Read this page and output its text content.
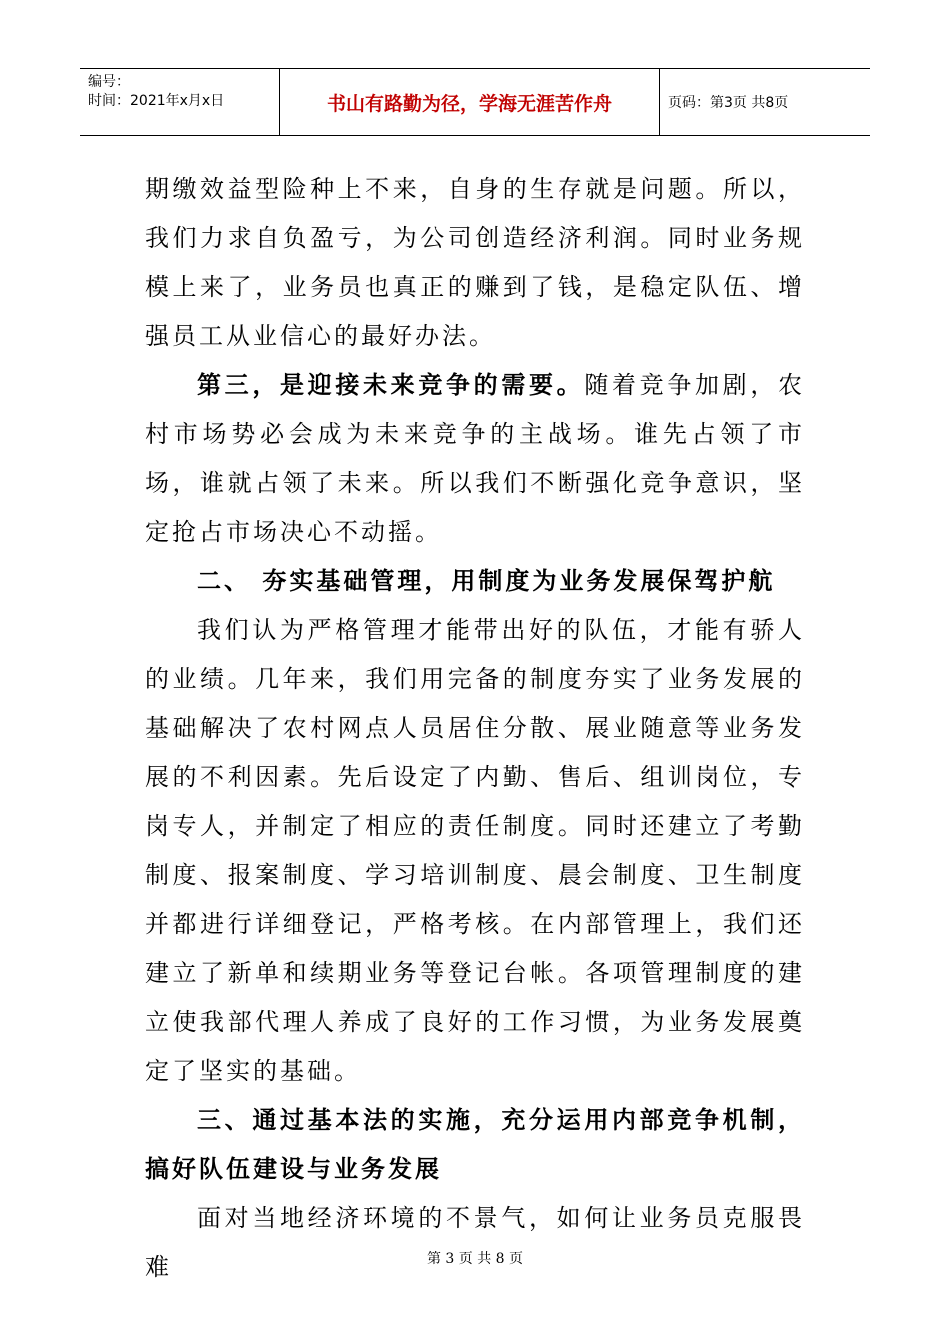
编号：
时间：2021年x月x日	书山有路勤为径，学海无涯苦作舟	页码：第3页 共8页

期缴效益型险种上不来，自身的生存就是问题。所以，我们力求自负盈亏，为公司创造经济利润。同时业务规模上来了，业务员也真正的赚到了钱，是稳定队伍、增强员工从业信心的最好办法。

第三，是迎接未来竞争的需要。随着竞争加剧，农村市场势必会成为未来竞争的主战场。谁先占领了市场，谁就占领了未来。所以我们不断强化竞争意识，坚定抢占市场决心不动摇。

二、 夯实基础管理，用制度为业务发展保驾护航

我们认为严格管理才能带出好的队伍，才能有骄人的业绩。几年来，我们用完备的制度夯实了业务发展的基础解决了农村网点人员居住分散、展业随意等业务发展的不利因素。先后设定了内勤、售后、组训岗位，专岗专人，并制定了相应的责任制度。同时还建立了考勤制度、报案制度、学习培训制度、晨会制度、卫生制度并都进行详细登记，严格考核。在内部管理上，我们还建立了新单和续期业务等登记台帐。各项管理制度的建立使我部代理人养成了良好的工作习惯，为业务发展奠定了坚实的基础。

三、通过基本法的实施，充分运用内部竞争机制，搞好队伍建设与业务发展

面对当地经济环境的不景气，如何让业务员克服畏难	第 3 页 共 8 页
